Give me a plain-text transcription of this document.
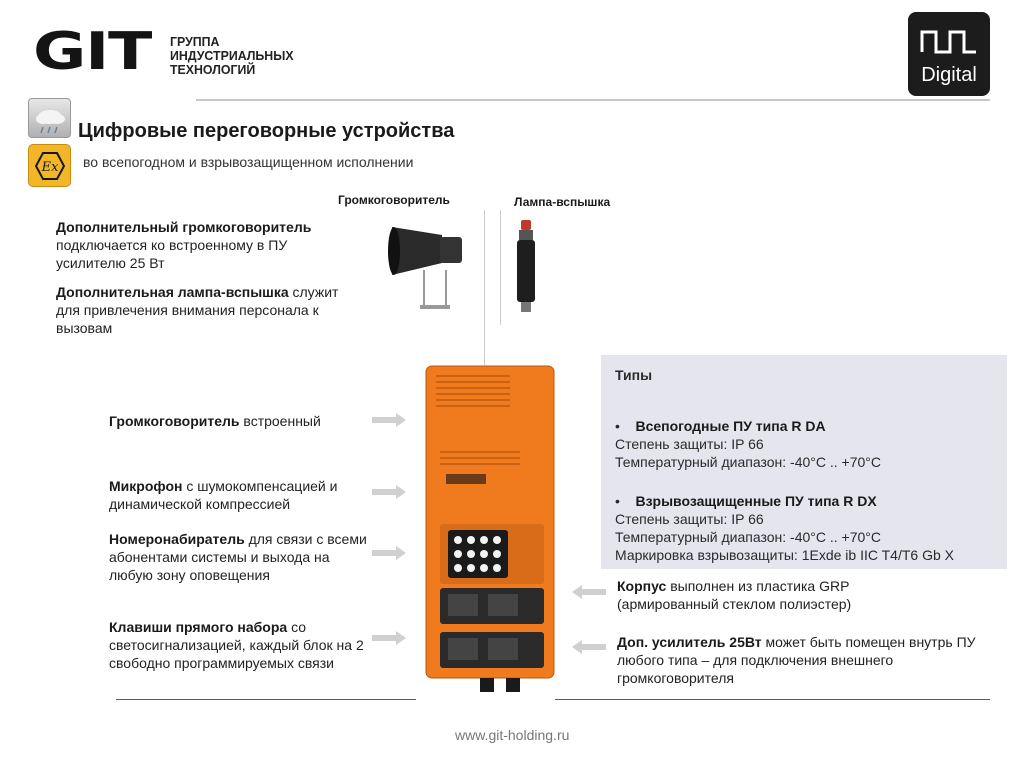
GIT ГРУППА
ИНДУСТРИАЛЬНЫХ
ТЕХНОЛОГИЙ	Digital
Ex
Цифровые переговорные устройства
во всепогодном и взрывозащищенном исполнении
Громкоговоритель	Лампа-вспышка
Дополнительный громкоговоритель подключается ко встроенному в ПУ усилителю 25 Вт
Дополнительная лампа-вспышка служит для привлечения внимания персонала к вызовам
Громкоговоритель встроенный
Микрофон с шумокомпенсацией и динамической компрессией
Номеронабиратель для связи с всеми абонентами системы и выхода на любую зону оповещения
Клавиши прямого набора со светосигнализацией, каждый блок на 2 свободно программируемых связи
Типы
•    Всепогодные ПУ типа R DA
Степень защиты: IP 66
Температурный диапазон: -40°C .. +70°C
•    Взрывозащищенные ПУ типа R DX
Степень защиты: IP 66
Температурный диапазон: -40°C .. +70°C
Маркировка взрывозащиты: 1Exde ib IIC T4/T6 Gb X
Корпус выполнен из пластика GRP (армированный стеклом полиэстер)
Доп. усилитель 25Вт может быть помещен внутрь ПУ любого типа – для подключения внешнего громкоговорителя
www.git-holding.ru
